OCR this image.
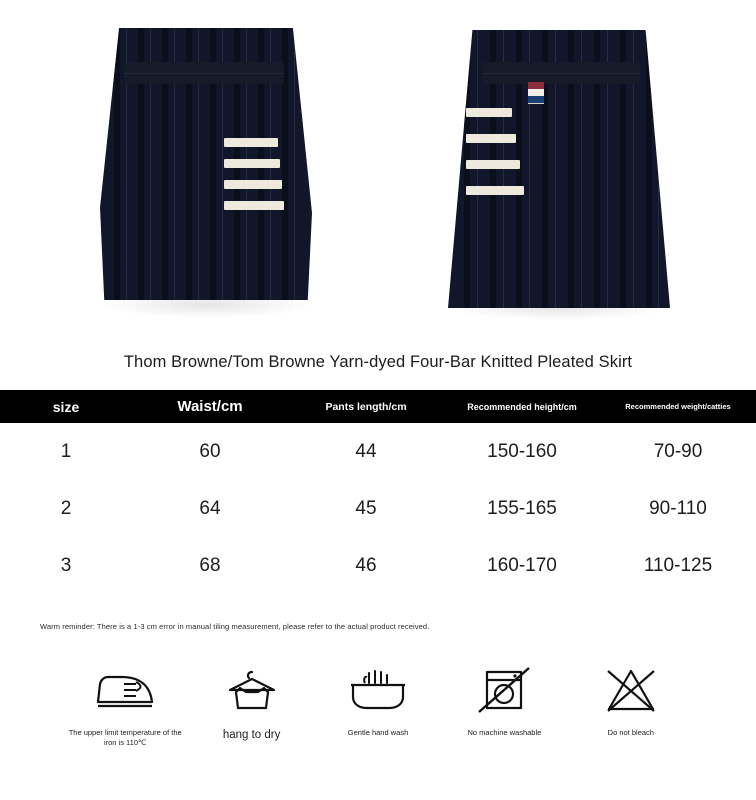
Thom Browne/Tom Browne Yarn-dyed Four-Bar Knitted Pleated Skirt
size	Waist/cm	Pants length/cm	Recommended height/cm	Recommended weight/catties
1	60	44	150-160	70-90
2	64	45	155-165	90-110
3	68	46	160-170	110-125
Warm reminder: There is a 1-3 cm error in manual tiling measurement, please refer to the actual product received.
The upper limit temperature of the iron is 110℃
hang to dry	Gentle hand wash	No machine washable	Do not bleach
